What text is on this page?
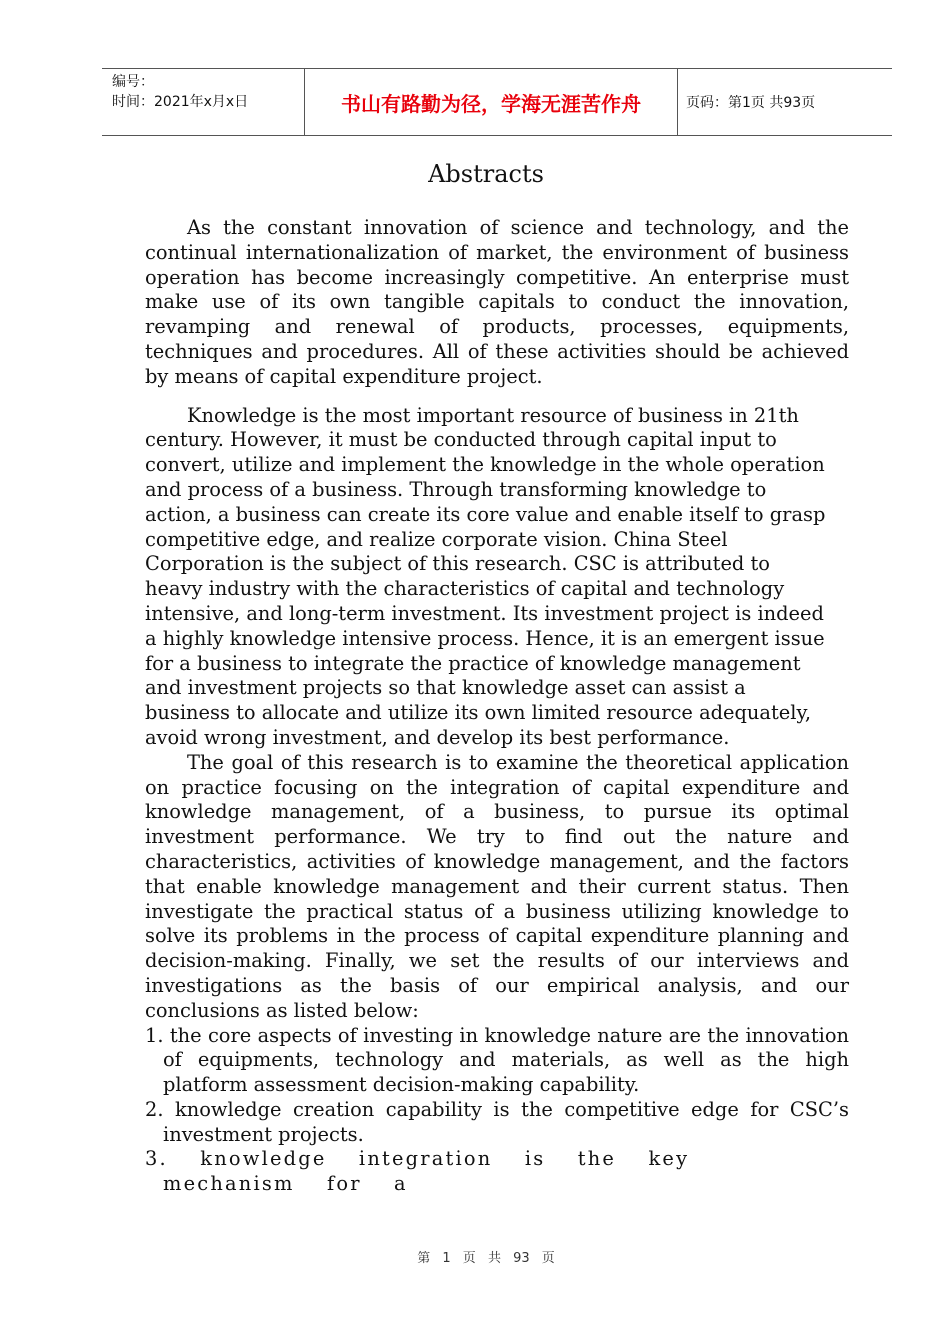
编号：
时间：2021年x月x日	书山有路勤为径，学海无涯苦作舟	页码：第1页 共93页
Abstracts

As the constant innovation of science and technology, and the continual internationalization of market, the environment of business operation has become increasingly competitive. An enterprise must make use of its own tangible capitals to conduct the innovation, revamping and renewal of products, processes, equipments, techniques and procedures. All of these activities should be achieved by means of capital expenditure project.

Knowledge is the most important resource of business in 21th century. However, it must be conducted through capital input to convert, utilize and implement the knowledge in the whole operation and process of a business. Through transforming knowledge to action, a business can create its core value and enable itself to grasp competitive edge, and realize corporate vision. China Steel Corporation is the subject of this research. CSC is attributed to heavy industry with the characteristics of capital and technology intensive, and long-term investment. Its investment project is indeed a highly knowledge intensive process. Hence, it is an emergent issue for a business to integrate the practice of knowledge management and investment projects so that knowledge asset can assist a business to allocate and utilize its own limited resource adequately, avoid wrong investment, and develop its best performance.

The goal of this research is to examine the theoretical application on practice focusing on the integration of capital expenditure and knowledge management, of a business, to pursue its optimal investment performance. We try to find out the nature and characteristics, activities of knowledge management, and the factors that enable knowledge management and their current status. Then investigate the practical status of a business utilizing knowledge to solve its problems in the process of capital expenditure planning and decision-making. Finally, we set the results of our interviews and investigations as the basis of our empirical analysis, and our conclusions as listed below:

1. the core aspects of investing in knowledge nature are the innovation of equipments, technology and materials, as well as the high platform assessment decision-making capability.

2. knowledge creation capability is the competitive edge for CSC’s investment projects.

3. knowledge integration is the key mechanism for a

第 1 页 共 93 页
